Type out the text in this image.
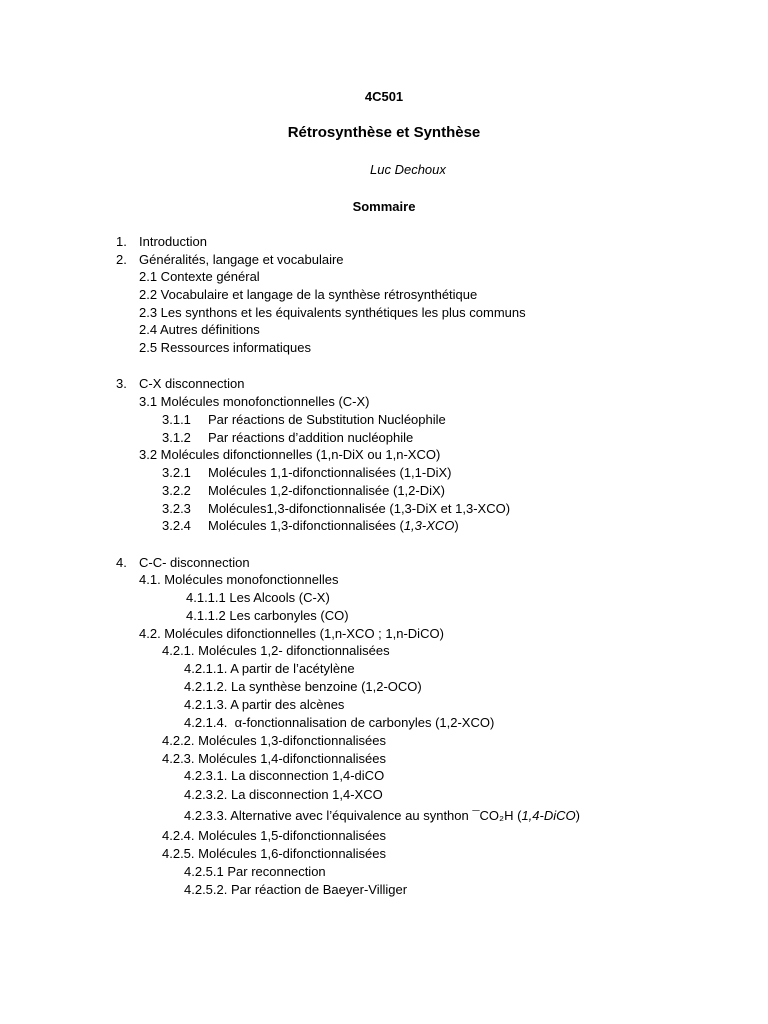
4C501
Rétrosynthèse et Synthèse
Luc Dechoux
Sommaire
1. Introduction
2. Généralités, langage et vocabulaire
2.1 Contexte général
2.2 Vocabulaire et langage de la synthèse rétrosynthétique
2.3 Les synthons et les équivalents synthétiques les plus communs
2.4 Autres définitions
2.5 Ressources informatiques
3. C-X disconnection
3.1 Molécules monofonctionnelles (C-X)
3.1.1 Par réactions de Substitution Nucléophile
3.1.2 Par réactions d’addition nucléophile
3.2 Molécules difonctionnelles (1,n-DiX ou 1,n-XCO)
3.2.1 Molécules 1,1-difonctionnalisées (1,1-DiX)
3.2.2 Molécules 1,2-difonctionnalisée (1,2-DiX)
3.2.3 Molécules1,3-difonctionnalisée (1,3-DiX et 1,3-XCO)
3.2.4 Molécules 1,3-difonctionnalisées (1,3-XCO)
4. C-C- disconnection
4.1. Molécules monofonctionnelles
4.1.1.1 Les Alcools (C-X)
4.1.1.2 Les carbonyles (CO)
4.2. Molécules difonctionnelles (1,n-XCO ; 1,n-DiCO)
4.2.1. Molécules 1,2- difonctionnalisées
4.2.1.1. A partir de l’acétylène
4.2.1.2. La synthèse benzoine (1,2-OCO)
4.2.1.3. A partir des alcènes
4.2.1.4. α-fonctionnalisation de carbonyles (1,2-XCO)
4.2.2. Molécules 1,3-difonctionnalisées
4.2.3. Molécules 1,4-difonctionnalisées
4.2.3.1. La disconnection 1,4-diCO
4.2.3.2. La disconnection 1,4-XCO
4.2.3.3. Alternative avec l’équivalence au synthon ¯CO₂H (1,4-DiCO)
4.2.4. Molécules 1,5-difonctionnalisées
4.2.5. Molécules 1,6-difonctionnalisées
4.2.5.1 Par reconnection
4.2.5.2. Par réaction de Baeyer-Villiger
